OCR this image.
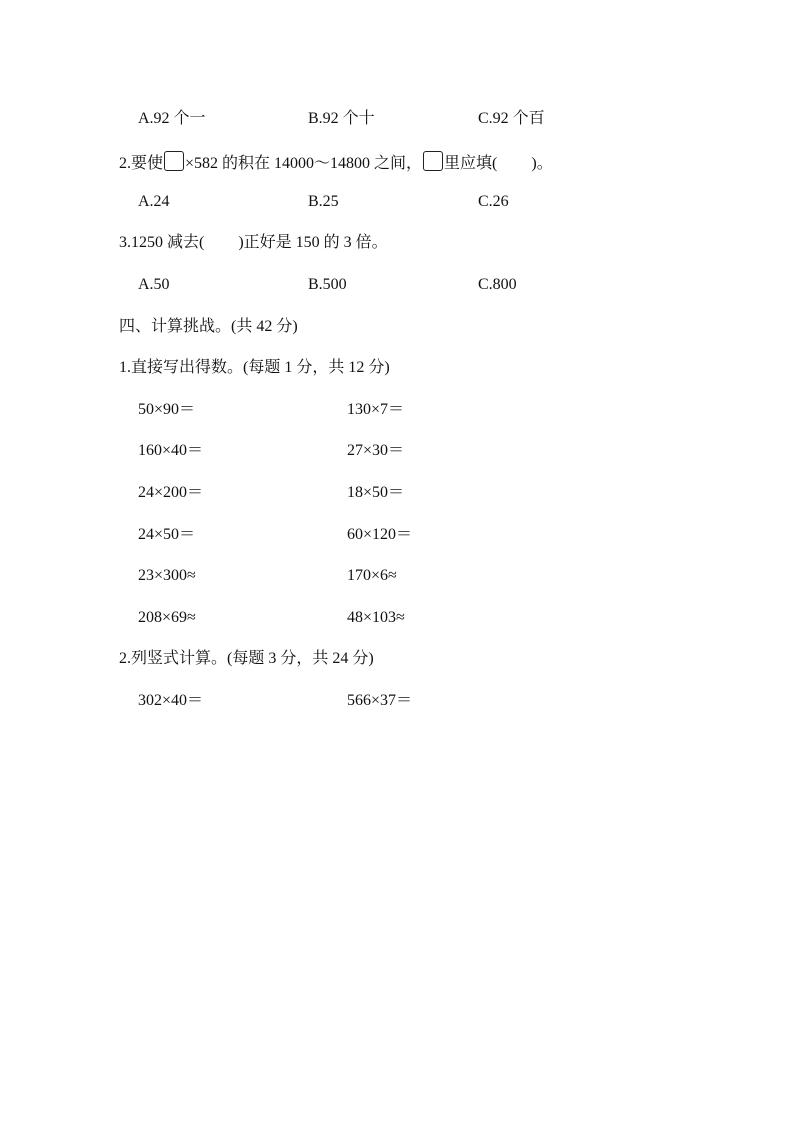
A.92 个一	B.92 个十	C.92 个百
2.要使 ×582 的积在 14000～14800 之间， 里应填( )。
A.24	B.25	C.26
3.1250 减去( )正好是 150 的 3 倍。
A.50	B.500	C.800
四、计算挑战。(共 42 分)
1.直接写出得数。(每题 1 分，共 12 分)
50×90＝	130×7＝
160×40＝	27×30＝
24×200＝	18×50＝
24×50＝	60×120＝
23×300≈	170×6≈
208×69≈	48×103≈
2.列竖式计算。(每题 3 分，共 24 分)
302×40＝	566×37＝
